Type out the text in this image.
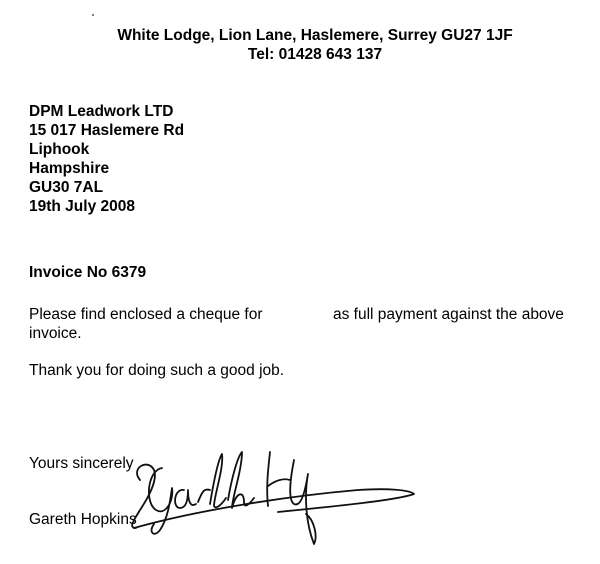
White Lodge, Lion Lane, Haslemere, Surrey GU27 1JF
Tel: 01428 643 137
DPM Leadwork LTD
15 017 Haslemere Rd
Liphook
Hampshire
GU30 7AL
19th July 2008
Invoice No 6379
Please find enclosed a cheque for	as full payment against the above
invoice.
Thank you for doing such a good job.
Yours sincerely
Gareth Hopkins
